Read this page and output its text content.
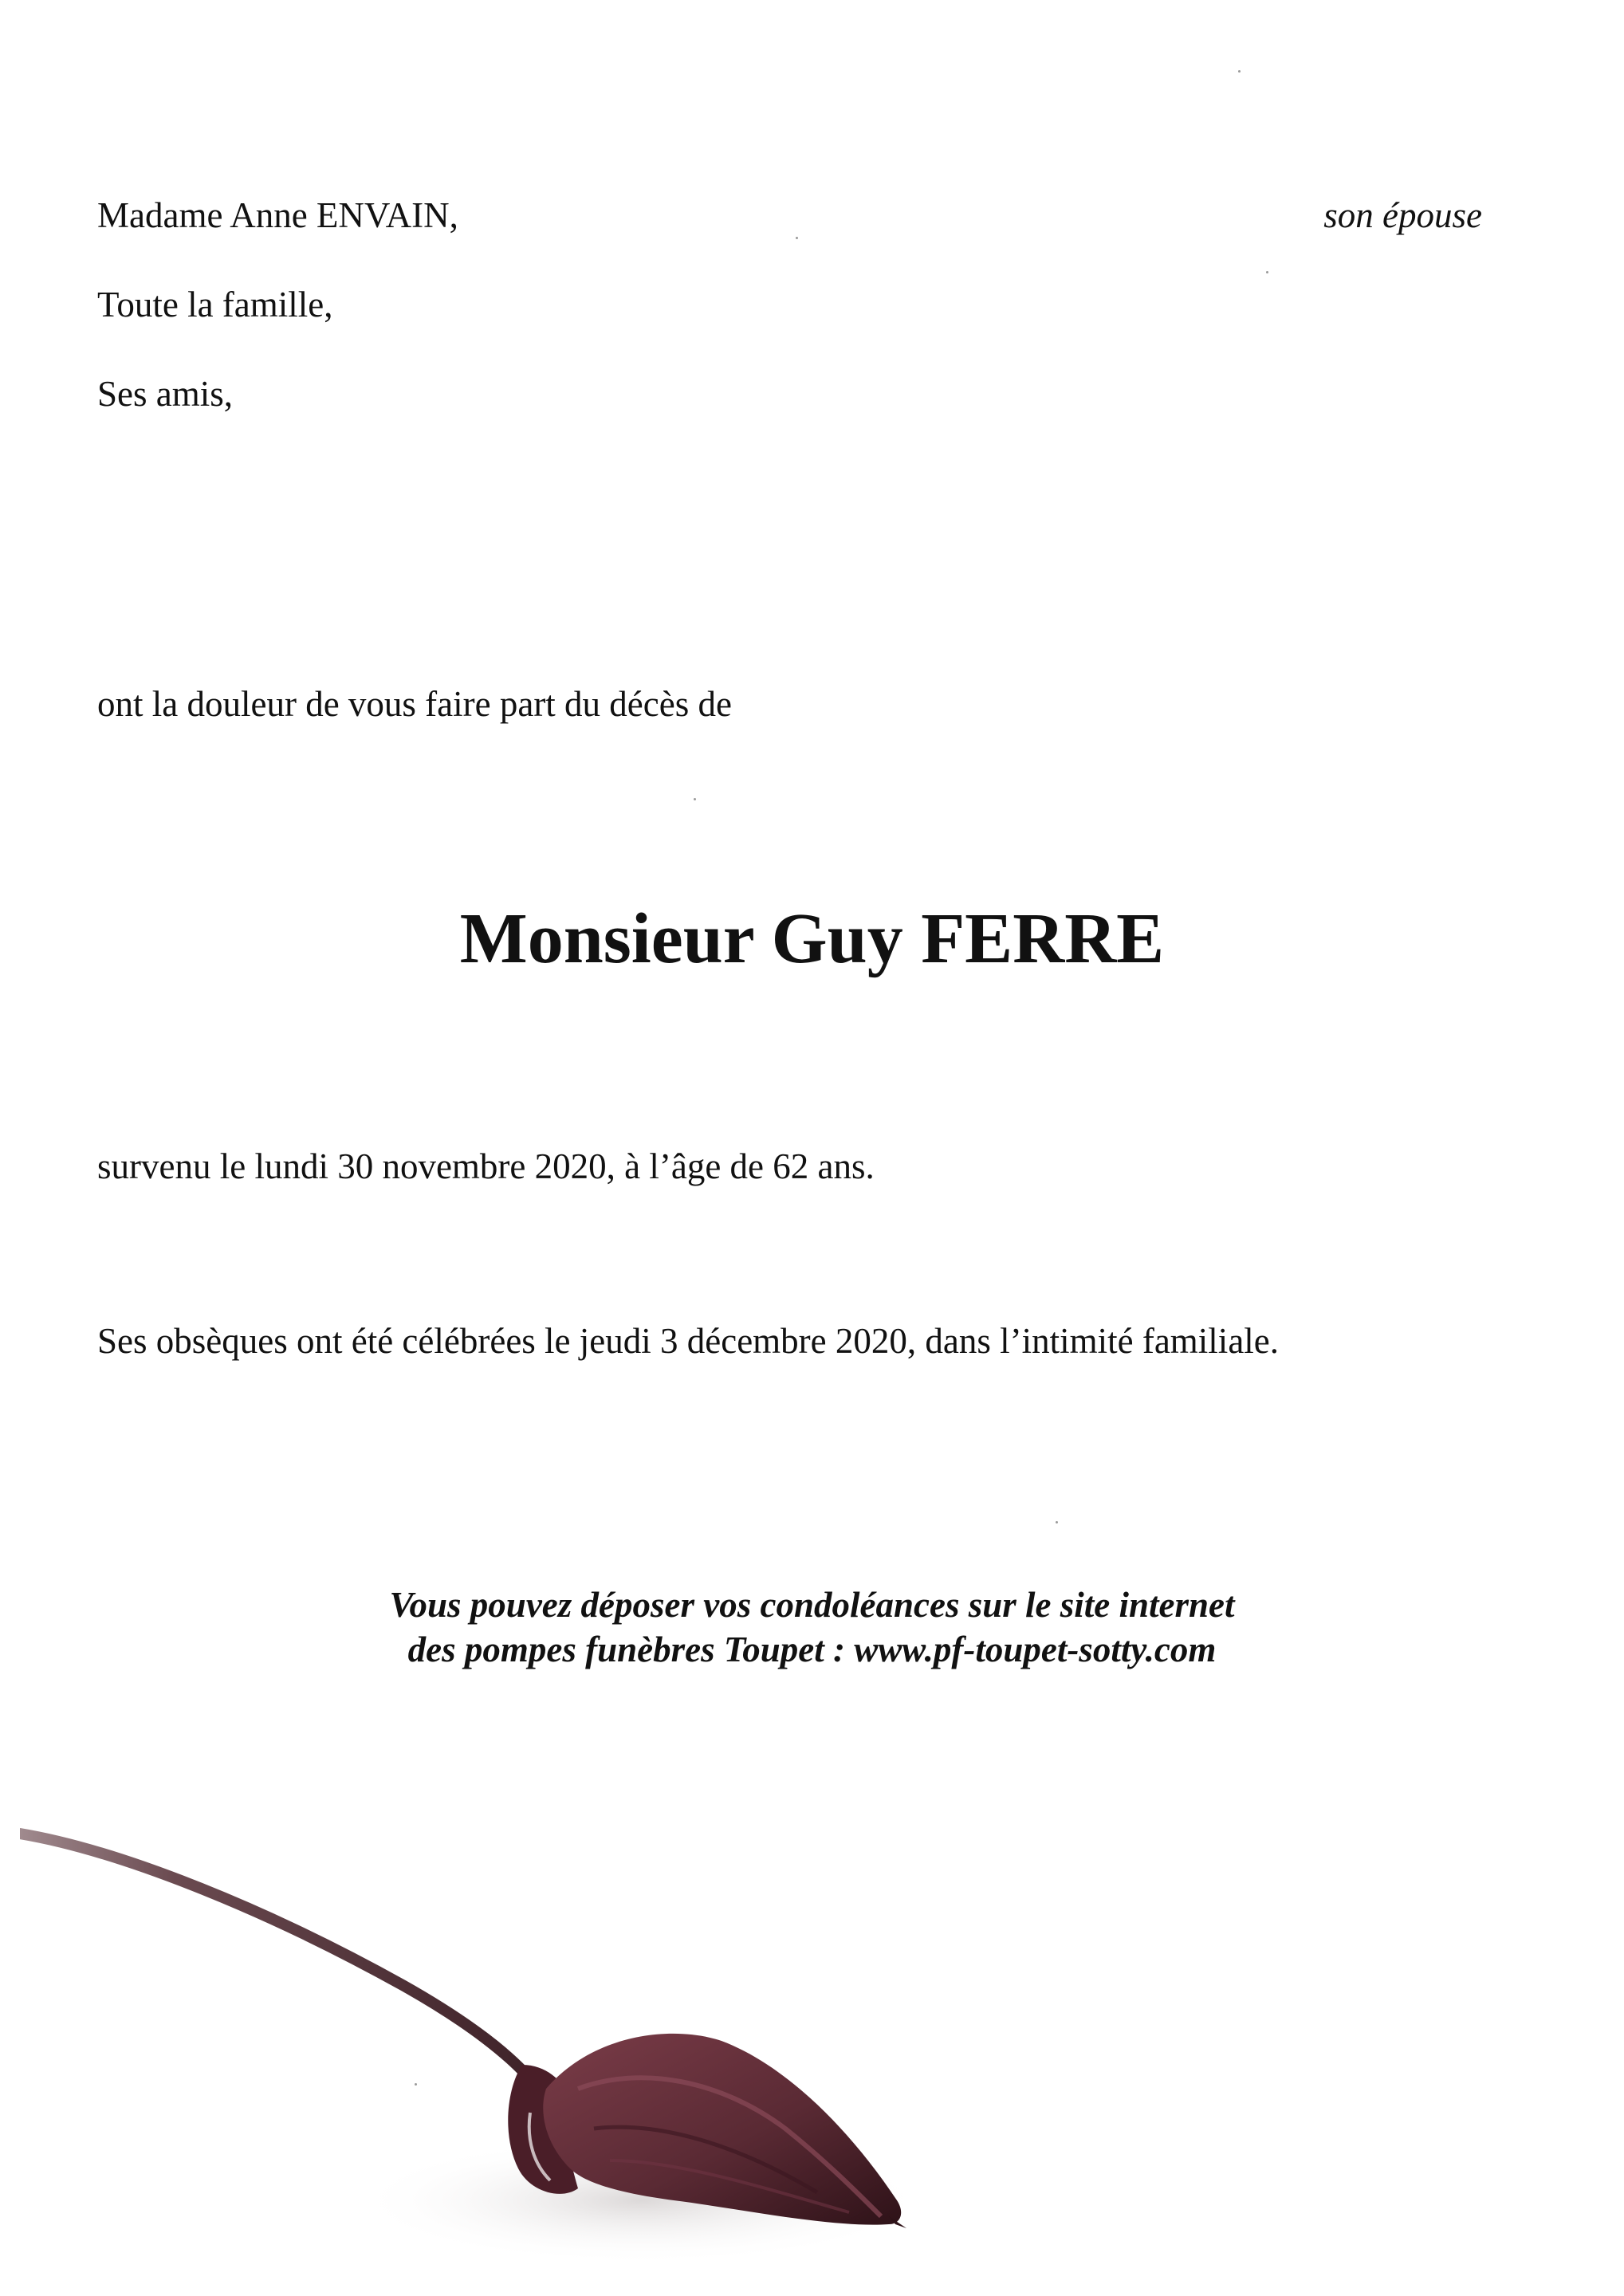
Madame Anne ENVAIN,	son épouse
Toute la famille,
Ses amis,
ont la douleur de vous faire part du décès de
Monsieur Guy FERRE
survenu le lundi 30 novembre 2020, à l’âge de 62 ans.
Ses obsèques ont été célébrées le jeudi 3 décembre 2020, dans l’intimité familiale.
Vous pouvez déposer vos condoléances sur le site internet
des pompes funèbres Toupet : www.pf-toupet-sotty.com
